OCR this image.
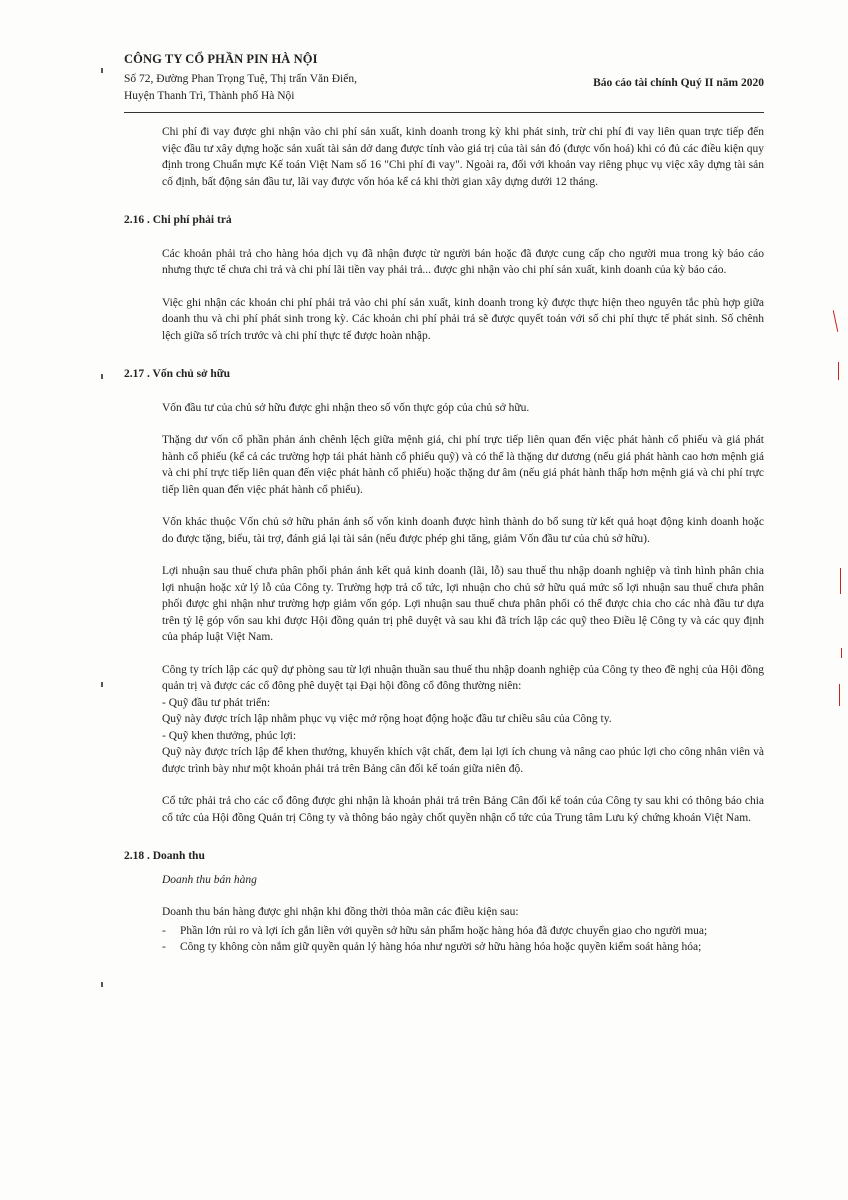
CÔNG TY CỔ PHẦN PIN HÀ NỘI
Số 72, Đường Phan Trọng Tuệ, Thị trấn Văn Điển,
Huyện Thanh Trì, Thành phố Hà Nội
Báo cáo tài chính Quý II năm 2020

Chi phí đi vay được ghi nhận vào chi phí sản xuất, kinh doanh trong kỳ khi phát sinh, trừ chi phí đi vay liên quan trực tiếp đến việc đầu tư xây dựng hoặc sản xuất tài sản dở dang được tính vào giá trị của tài sản đó (được vốn hoá) khi có đủ các điều kiện quy định trong Chuẩn mực Kế toán Việt Nam số 16 "Chi phí đi vay". Ngoài ra, đối với khoản vay riêng phục vụ việc xây dựng tài sản cố định, bất động sản đầu tư, lãi vay được vốn hóa kể cả khi thời gian xây dựng dưới 12 tháng.

2.16 . Chi phí phải trả

Các khoản phải trả cho hàng hóa dịch vụ đã nhận được từ người bán hoặc đã được cung cấp cho người mua trong kỳ báo cáo nhưng thực tế chưa chi trả và chi phí lãi tiền vay phải trả... được ghi nhận vào chi phí sản xuất, kinh doanh của kỳ báo cáo.

Việc ghi nhận các khoản chi phí phải trả vào chi phí sản xuất, kinh doanh trong kỳ được thực hiện theo nguyên tắc phù hợp giữa doanh thu và chi phí phát sinh trong kỳ. Các khoản chi phí phải trả sẽ được quyết toán với số chi phí thực tế phát sinh. Số chênh lệch giữa số trích trước và chi phí thực tế được hoàn nhập.

2.17 . Vốn chủ sở hữu

Vốn đầu tư của chủ sở hữu được ghi nhận theo số vốn thực góp của chủ sở hữu.

Thặng dư vốn cổ phần phản ánh chênh lệch giữa mệnh giá, chi phí trực tiếp liên quan đến việc phát hành cổ phiếu và giá phát hành cổ phiếu (kể cả các trường hợp tái phát hành cổ phiếu quỹ) và có thể là thặng dư dương (nếu giá phát hành cao hơn mệnh giá và chi phí trực tiếp liên quan đến việc phát hành cổ phiếu) hoặc thặng dư âm (nếu giá phát hành thấp hơn mệnh giá và chi phí trực tiếp liên quan đến việc phát hành cổ phiếu).

Vốn khác thuộc Vốn chủ sở hữu phản ánh số vốn kinh doanh được hình thành do bổ sung từ kết quả hoạt động kinh doanh hoặc do được tặng, biếu, tài trợ, đánh giá lại tài sản (nếu được phép ghi tăng, giảm Vốn đầu tư của chủ sở hữu).

Lợi nhuận sau thuế chưa phân phối phản ánh kết quả kinh doanh (lãi, lỗ) sau thuế thu nhập doanh nghiệp và tình hình phân chia lợi nhuận hoặc xử lý lỗ của Công ty. Trường hợp trả cổ tức, lợi nhuận cho chủ sở hữu quá mức số lợi nhuận sau thuế chưa phân phối được ghi nhận như trường hợp giảm vốn góp. Lợi nhuận sau thuế chưa phân phối có thể được chia cho các nhà đầu tư dựa trên tỷ lệ góp vốn sau khi được Hội đồng quản trị phê duyệt và sau khi đã trích lập các quỹ theo Điều lệ Công ty và các quy định của pháp luật Việt Nam.

Công ty trích lập các quỹ dự phòng sau từ lợi nhuận thuần sau thuế thu nhập doanh nghiệp của Công ty theo đề nghị của Hội đồng quản trị và được các cổ đông phê duyệt tại Đại hội đồng cổ đông thường niên:

- Quỹ đầu tư phát triển:

Quỹ này được trích lập nhằm phục vụ việc mở rộng hoạt động hoặc đầu tư chiều sâu của Công ty.

- Quỹ khen thưởng, phúc lợi:

Quỹ này được trích lập để khen thưởng, khuyến khích vật chất, đem lại lợi ích chung và nâng cao phúc lợi cho công nhân viên và được trình bày như một khoản phải trả trên Bảng cân đối kế toán giữa niên độ.

Cổ tức phải trả cho các cổ đông được ghi nhận là khoản phải trả trên Bảng Cân đối kế toán của Công ty sau khi có thông báo chia cổ tức của Hội đồng Quản trị Công ty và thông báo ngày chốt quyền nhận cổ tức của Trung tâm Lưu ký chứng khoán Việt Nam.

2.18 . Doanh thu

Doanh thu bán hàng

Doanh thu bán hàng được ghi nhận khi đồng thời thỏa mãn các điều kiện sau:

- Phần lớn rủi ro và lợi ích gắn liền với quyền sở hữu sản phẩm hoặc hàng hóa đã được chuyển giao cho người mua;
- Công ty không còn nắm giữ quyền quản lý hàng hóa như người sở hữu hàng hóa hoặc quyền kiểm soát hàng hóa;
